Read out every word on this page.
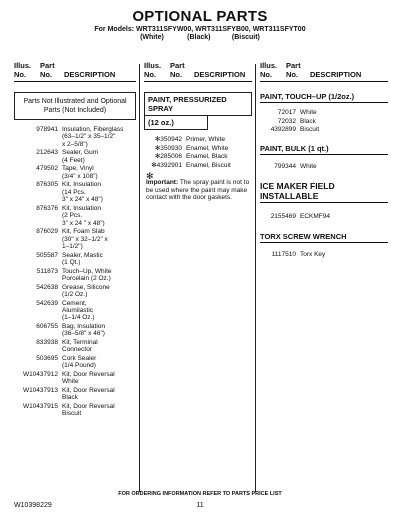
OPTIONAL PARTS
For Models: WRT311SFYW00, WRT311SFYB00, WRT311SFYT00
(White)            (Black)           (Biscuit)
Illus.
No.
Part
No. DESCRIPTION
Parts Not Illustrated and Optional Parts (Not Included)
978941 Insulation, Fiberglass
(63–1/2" x 35–1/2"
x 2–5/8")
212643 Sealer, Gum
(4 Feet)
479502 Tape, Vinyl
(3/4" x 108")
876305 Kit, Insulation
(14 Pcs.
3" x 24" x 48")
876376 Kit, Insulation
(2 Pcs.
3" x 24 " x 48")
876029 Kit, Foam Slab
(30" x 32–1/2" x
1–1/2")
505587 Sealer, Mastic
(1 Qt.)
511873 Touch–Up, White
Porcelain (2 Oz.)
542638 Grease, Silicone
(1/2 Oz.)
542639 Cement,
Alumilastic
(1–1/4 Oz.)
606755 Bag, Insulation
(36–5/8" x 46")
833938 Kit, Terminal
Connector
503695 Cork Sealer
(1/4 Pound)
W10437912 Kit, Door Reversal
White
W10437913 Kit, Door Reversal
Black
W10437915 Kit, Door Reversal
Biscuit
Illus.
No.
Part
No. DESCRIPTION
PAINT, PRESSURIZED SPRAY
(12 oz.)
✻350942 Primer, White
✻350930 Enamel, White
✻285006 Enamel, Black
✻4392901 Enamel, Biscuit
✻
Important: The spray paint is not to be used where the paint may make contact with the door gaskets.
Illus.
No.
Part
No. DESCRIPTION
PAINT, TOUCH–UP (1/2oz.)
72017 White
72032 Black
4392899 Biscuit
PAINT, BULK (1 qt.)
799344 White
ICE MAKER FIELD INSTALLABLE
2155469 ECKMF94
TORX SCREW WRENCH
1117510 Torx Key
FOR ORDERING INFORMATION REFER TO PARTS PRICE LIST
W10398229	11
